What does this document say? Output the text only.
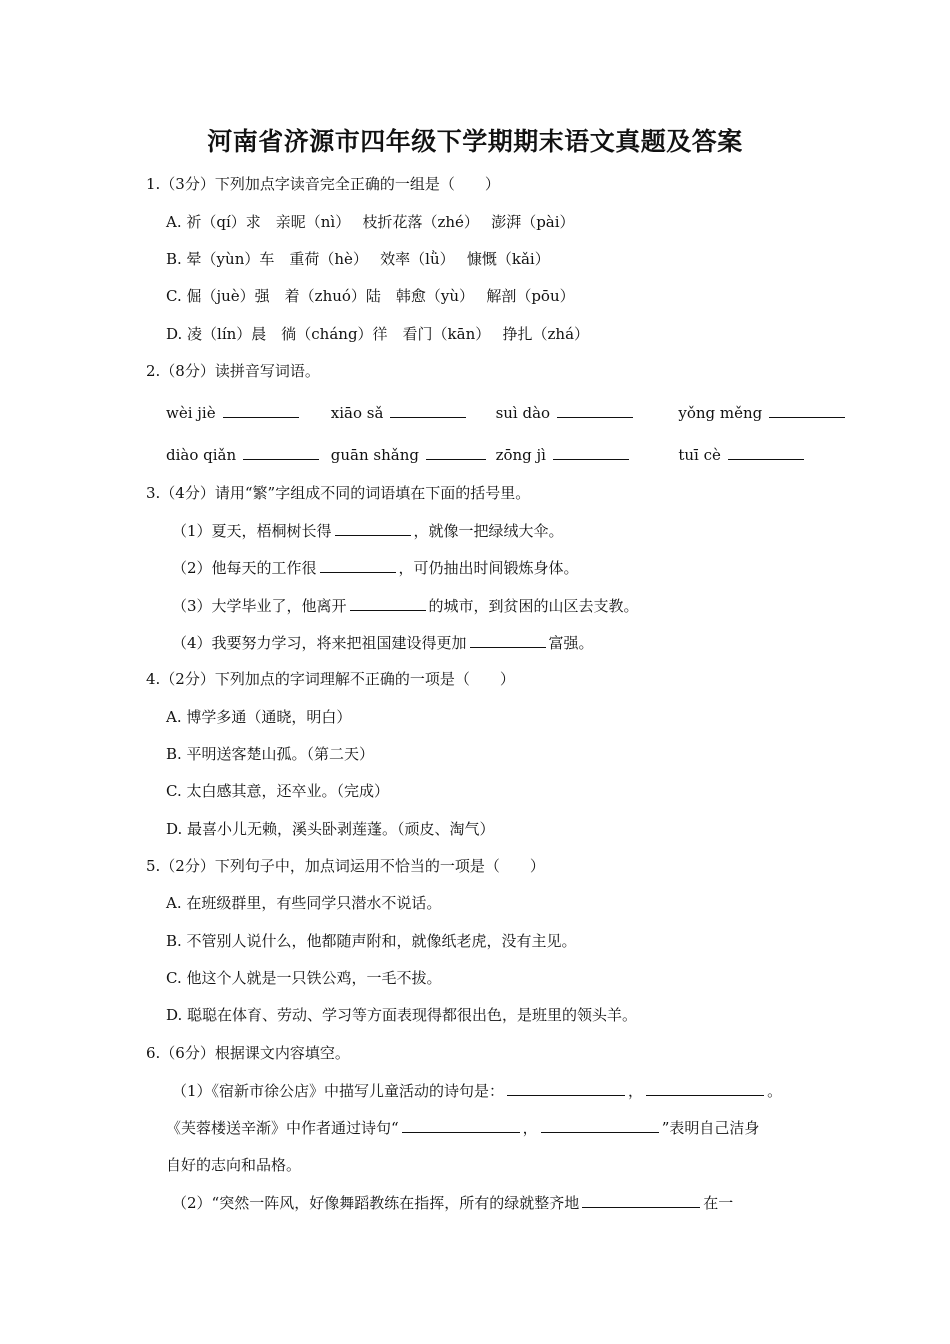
河南省济源市四年级下学期期末语文真题及答案
1.（3分）下列加点字读音完全正确的一组是（　　）
A. 祈（qí）求　亲昵（nì）　 枝折花落（zhé）　 澎湃（pài）
B. 晕（yùn）车　重荷（hè）　 效率（lǜ）　 慷慨（kǎi）
C. 倔（juè）强　着（zhuó）陆　韩愈（yù）　 解剖（pōu）
D. 凌（lín）晨　徜（cháng）徉　看门（kān）　 挣扎（zhá）
2.（8分）读拼音写词语。
wèi jiè	xiāo sǎ	suì dào	yǒng měng
diào qiǎn	guān shǎng	zōng jì	tuī cè
3.（4分）请用“繁”字组成不同的词语填在下面的括号里。
（1）夏天，梧桐树长得	，就像一把绿绒大伞。
（2）他每天的工作很	，可仍抽出时间锻炼身体。
（3）大学毕业了，他离开	的城市，到贫困的山区去支教。
（4）我要努力学习，将来把祖国建设得更加	富强。
4.（2分）下列加点的字词理解不正确的一项是（　　）
A. 博学多通（通晓，明白）
B. 平明送客楚山孤。（第二天）
C. 太白感其意，还卒业。（完成）
D. 最喜小儿无赖，溪头卧剥莲蓬。（顽皮、淘气）
5.（2分）下列句子中，加点词运用不恰当的一项是（　　）
A. 在班级群里，有些同学只潜水不说话。
B. 不管别人说什么，他都随声附和，就像纸老虎，没有主见。
C. 他这个人就是一只铁公鸡，一毛不拔。
D. 聪聪在体育、劳动、学习等方面表现得都很出色，是班里的领头羊。
6.（6分）根据课文内容填空。
（1）《宿新市徐公店》中描写儿童活动的诗句是：	，	。
《芙蓉楼送辛渐》中作者通过诗句“	，	”表明自己洁身
自好的志向和品格。
（2）“突然一阵风，好像舞蹈教练在指挥，所有的绿就整齐地	在一
